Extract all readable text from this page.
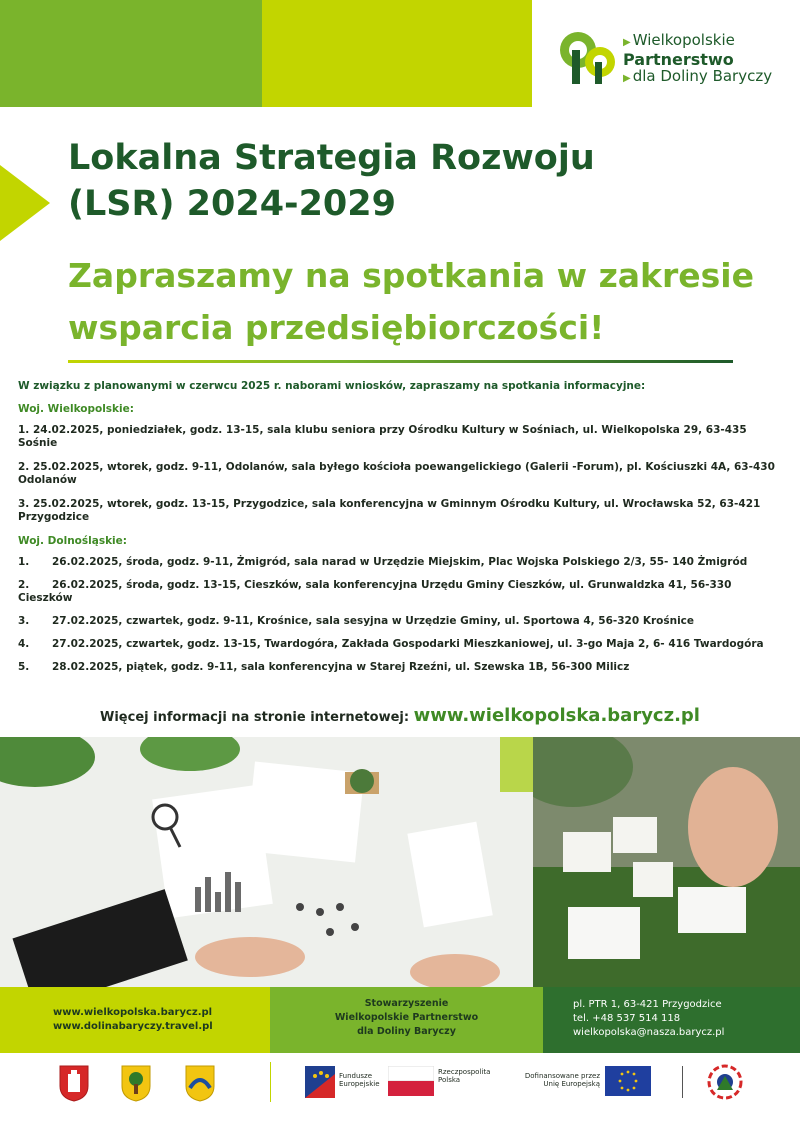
▶ Wielkopolskie
Partnerstwo
▶ dla Doliny Baryczy
Lokalna Strategia Rozwoju
(LSR) 2024-2029
Zapraszamy na spotkania w zakresie
wsparcia przedsiębiorczości!
W związku z planowanymi w czerwcu 2025 r. naborami wniosków, zapraszamy na spotkania informacyjne:
Woj. Wielkopolskie:
1. 24.02.2025, poniedziałek, godz. 13-15, sala klubu seniora przy Ośrodku Kultury w Sośniach, ul. Wielkopolska 29, 63-435 Sośnie
2. 25.02.2025, wtorek, godz. 9-11, Odolanów, sala byłego kościoła poewangelickiego (Galerii -Forum), pl. Kościuszki 4A, 63-430 Odolanów
3. 25.02.2025, wtorek, godz. 13-15, Przygodzice, sala konferencyjna w Gminnym Ośrodku Kultury, ul. Wrocławska 52, 63-421 Przygodzice
Woj. Dolnośląskie:
1. 26.02.2025, środa, godz. 9-11, Żmigród, sala narad w Urzędzie Miejskim, Plac Wojska Polskiego 2/3, 55- 140 Żmigród
2. 26.02.2025, środa, godz. 13-15, Cieszków, sala konferencyjna Urzędu Gminy Cieszków, ul. Grunwaldzka 41, 56-330 Cieszków
3. 27.02.2025, czwartek, godz. 9-11, Krośnice, sala sesyjna w Urzędzie Gminy, ul. Sportowa 4, 56-320 Krośnice
4. 27.02.2025, czwartek, godz. 13-15, Twardogóra, Zakłada Gospodarki Mieszkaniowej, ul. 3-go Maja 2, 6- 416 Twardogóra
5. 28.02.2025, piątek, godz. 9-11, sala konferencyjna w Starej Rzeźni, ul. Szewska 1B, 56-300 Milicz
Więcej informacji na stronie internetowej: www.wielkopolska.barycz.pl
www.wielkopolska.barycz.pl
www.dolinabaryczy.travel.pl
Stowarzyszenie
Wielkopolskie Partnerstwo
dla Doliny Baryczy
pl. PTR 1, 63-421 Przygodzice
tel. +48 537 514 118
wielkopolska@nasza.barycz.pl
Fundusze
Europejskie
Rzeczpospolita
Polska	Dofinansowane przez
Unię Europejską
